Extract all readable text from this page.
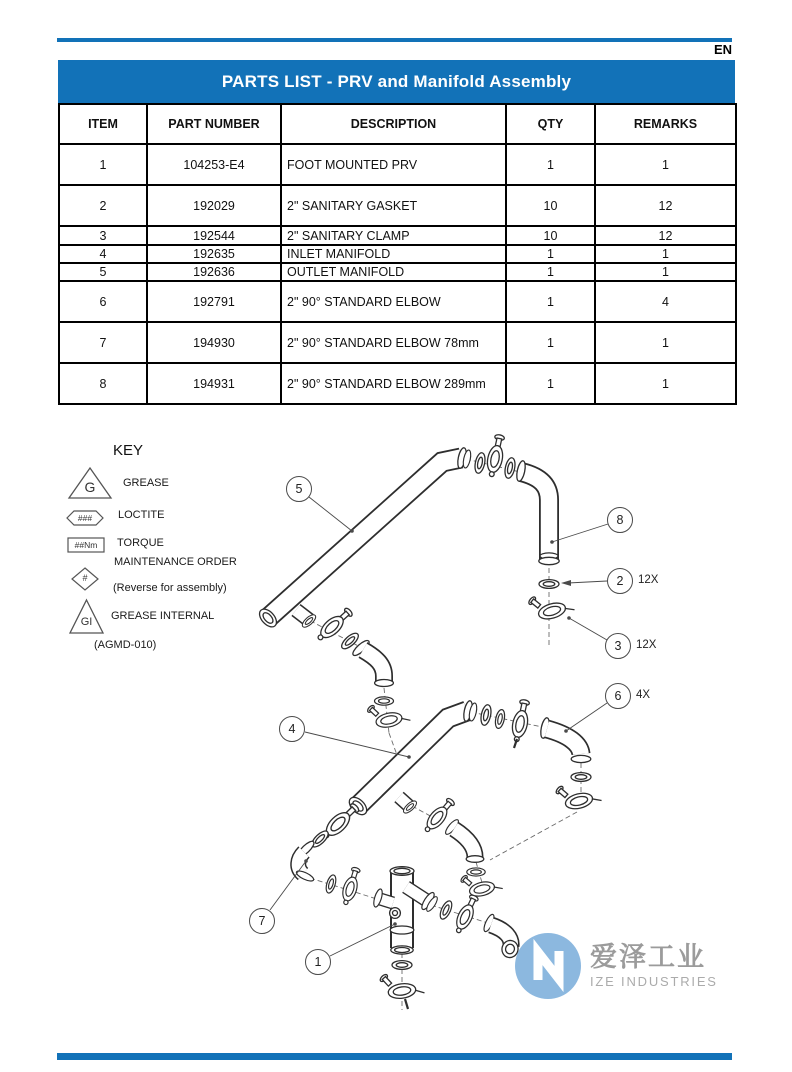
EN
PARTS LIST - PRV and Manifold Assembly
ITEM	PART NUMBER	DESCRIPTION	QTY	REMARKS
1	104253-E4	FOOT MOUNTED PRV	1	1
2	192029	2" SANITARY GASKET	10	12
3	192544	2" SANITARY CLAMP	10	12
4	192635	INLET MANIFOLD	1	1
5	192636	OUTLET MANIFOLD	1	1
6	192791	2" 90° STANDARD ELBOW	1	4
7	194930	2" 90° STANDARD ELBOW 78mm	1	1
8	194931	2" 90° STANDARD ELBOW 289mm	1	1
KEY
G	GREASE
###	LOCTITE
##Nm	TORQUE
MAINTENANCE ORDER
#
(Reverse for assembly)
GI	GREASE INTERNAL
(AGMD-010)
爱泽工业
IZE INDUSTRIES
5
8
2 12X
3 12X
6 4X
4
7
1
